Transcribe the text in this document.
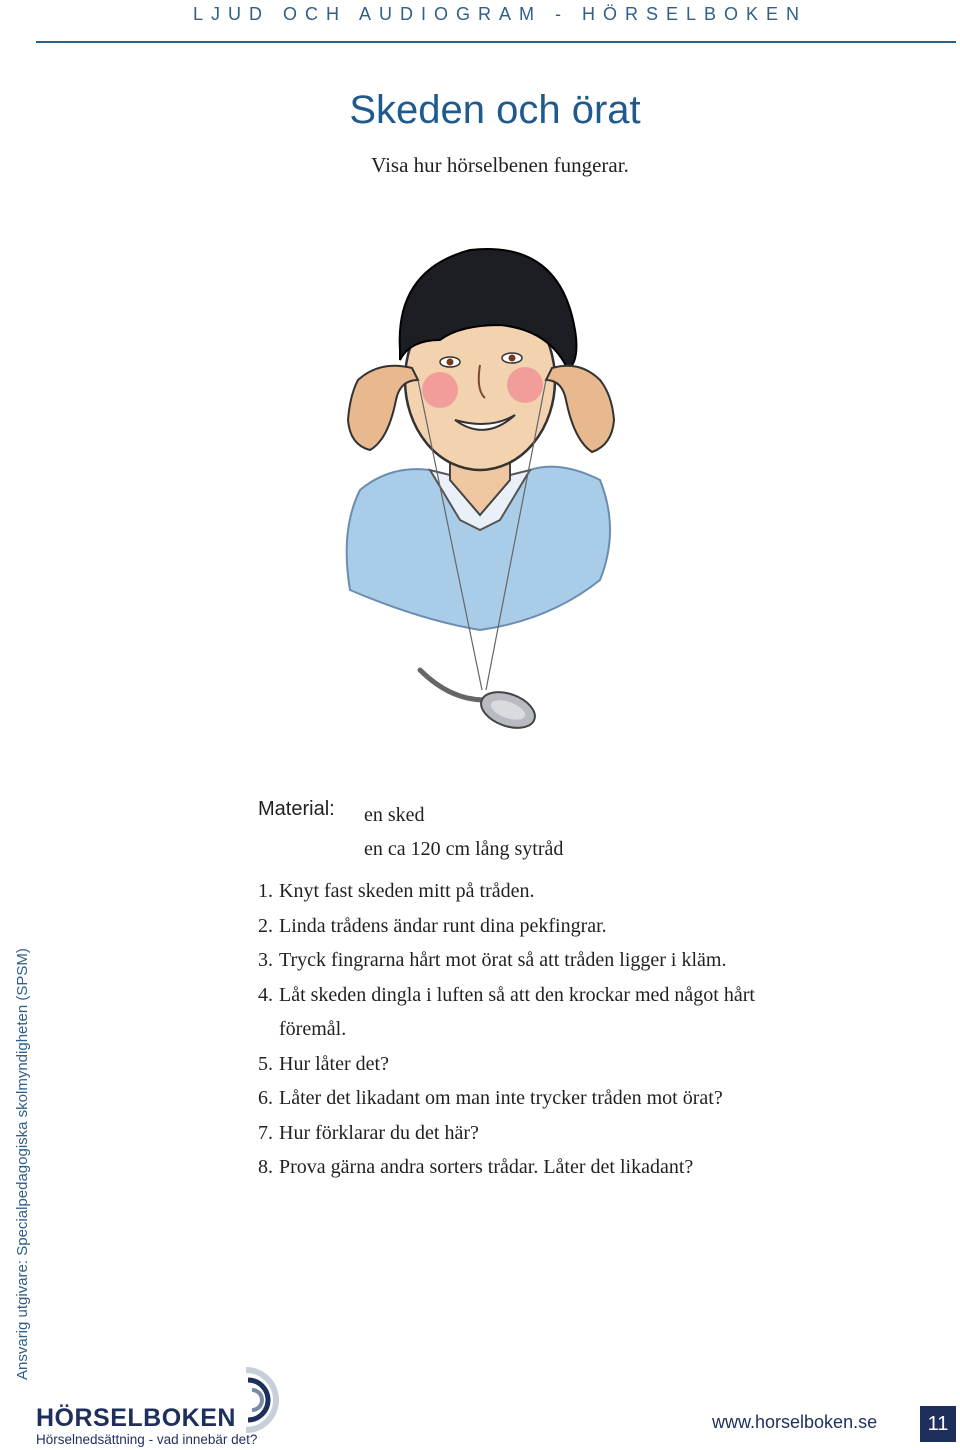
LJUD OCH AUDIOGRAM - HÖRSELBOKEN
Skeden och örat
Visa hur hörselbenen fungerar.
Material: en sked
en ca 120 cm lång sytråd
1. Knyt fast skeden mitt på tråden.
2. Linda trådens ändar runt dina pekfingrar.
3. Tryck fingrarna hårt mot örat så att tråden ligger i kläm.
4. Låt skeden dingla i luften så att den krockar med något hårt föremål.
5. Hur låter det?
6. Låter det likadant om man inte trycker tråden mot örat?
7. Hur förklarar du det här?
8. Prova gärna andra sorters trådar. Låter det likadant?
Ansvarig utgivare: Specialpedagogiska skolmyndigheten (SPSM)
HÖRSELBOKEN
Hörselnedsättning - vad innebär det?
www.horselboken.se	11
